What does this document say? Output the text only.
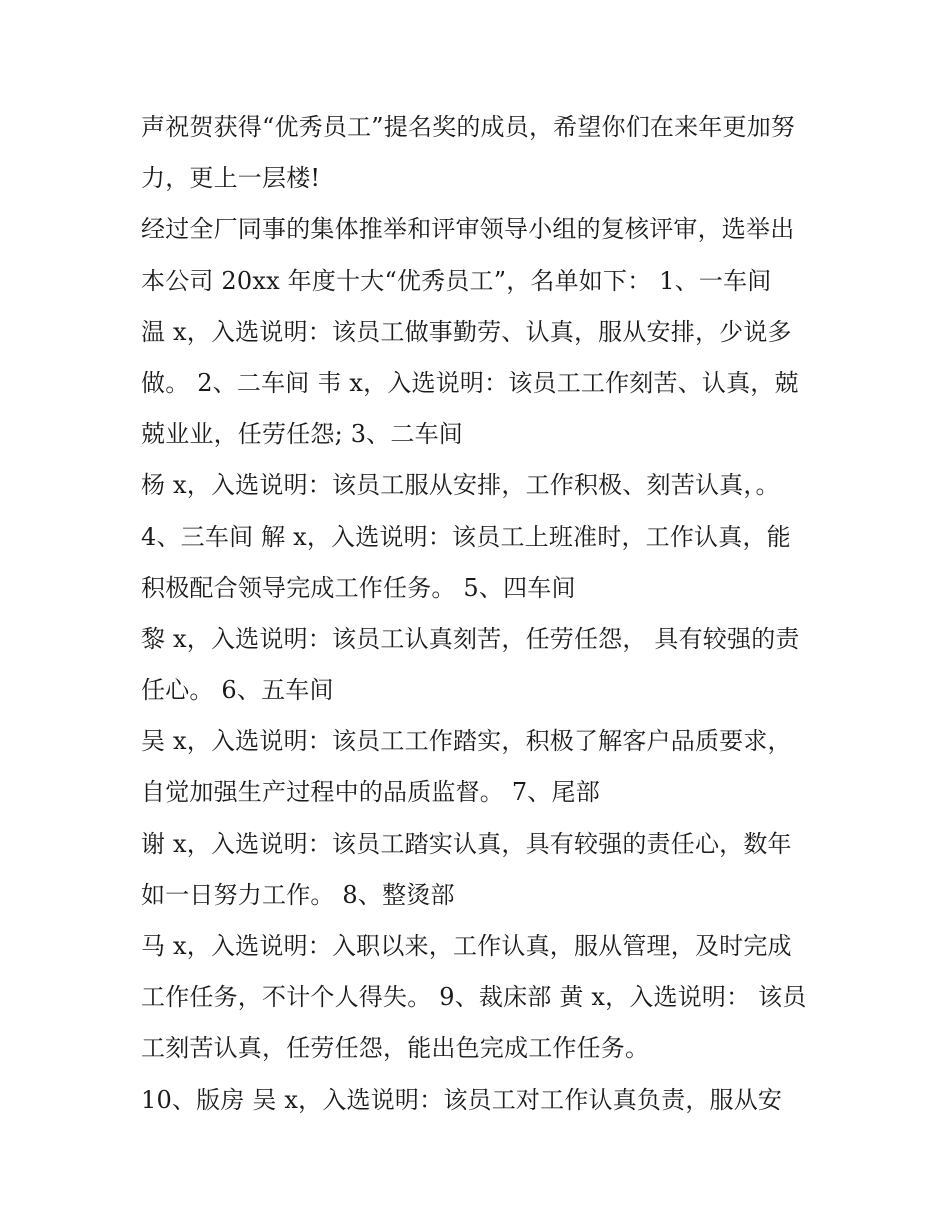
声祝贺获得“优秀员工”提名奖的成员，希望你们在来年更加努
力，更上一层楼!
经过全厂同事的集体推举和评审领导小组的复核评审，选举出
本公司 20xx 年度十大“优秀员工”，名单如下： 1、一车间
温 x，入选说明：该员工做事勤劳、认真，服从安排，少说多
做。 2、二车间 韦 x，入选说明：该员工工作刻苦、认真，兢
兢业业，任劳任怨; 3、二车间
杨 x，入选说明：该员工服从安排，工作积极、刻苦认真，。
4、三车间 解 x，入选说明：该员工上班准时，工作认真，能
积极配合领导完成工作任务。 5、四车间
黎 x，入选说明：该员工认真刻苦，任劳任怨， 具有较强的责
任心。 6、五车间
吴 x，入选说明：该员工工作踏实，积极了解客户品质要求，
自觉加强生产过程中的品质监督。 7、尾部
谢 x，入选说明：该员工踏实认真，具有较强的责任心，数年
如一日努力工作。 8、整烫部
马 x，入选说明：入职以来，工作认真，服从管理，及时完成
工作任务，不计个人得失。 9、裁床部 黄 x，入选说明： 该员
工刻苦认真，任劳任怨，能出色完成工作任务。
10、版房 吴 x，入选说明：该员工对工作认真负责，服从安
